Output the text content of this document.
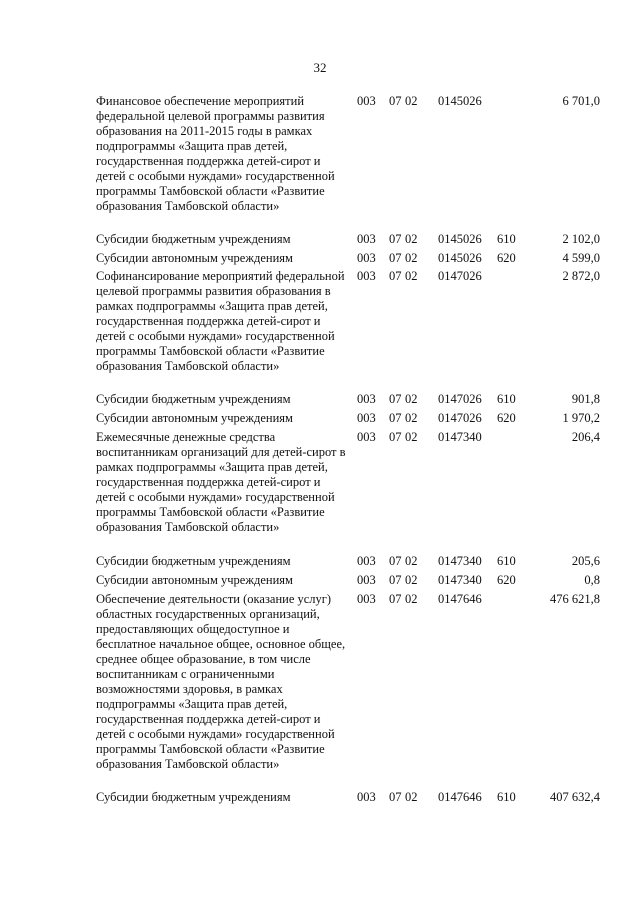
32
Финансовое обеспечение мероприятий федеральной целевой программы развития образования на 2011-2015 годы в рамках подпрограммы «Защита прав детей, государственная поддержка детей-сирот и детей с особыми нуждами» государственной программы Тамбовской области «Развитие образования Тамбовской области»
003 07 02 0145026	6 701,0
Субсидии бюджетным учреждениям	003 07 02 0145026 610	2 102,0
Субсидии автономным учреждениям	003 07 02 0145026 620	4 599,0
Софинансирование мероприятий федеральной целевой программы развития образования в рамках подпрограммы «Защита прав детей, государственная поддержка детей-сирот и детей с особыми нуждами» государственной программы Тамбовской области «Развитие образования Тамбовской области»
003 07 02 0147026	2 872,0
Субсидии бюджетным учреждениям	003 07 02 0147026 610	901,8
Субсидии автономным учреждениям	003 07 02 0147026 620	1 970,2
Ежемесячные денежные средства воспитанникам организаций для детей-сирот в рамках подпрограммы «Защита прав детей, государственная поддержка детей-сирот и детей с особыми нуждами» государственной программы Тамбовской области «Развитие образования Тамбовской области»
003 07 02 0147340	206,4
Субсидии бюджетным учреждениям	003 07 02 0147340 610	205,6
Субсидии автономным учреждениям	003 07 02 0147340 620	0,8
Обеспечение деятельности (оказание услуг) областных государственных организаций, предоставляющих общедоступное и бесплатное начальное общее, основное общее, среднее общее образование, в том числе воспитанникам с ограниченными возможностями здоровья, в рамках подпрограммы «Защита прав детей, государственная поддержка детей-сирот и детей с особыми нуждами» государственной программы Тамбовской области «Развитие образования Тамбовской области»
003 07 02 0147646	476 621,8
Субсидии бюджетным учреждениям	003 07 02 0147646 610	407 632,4
